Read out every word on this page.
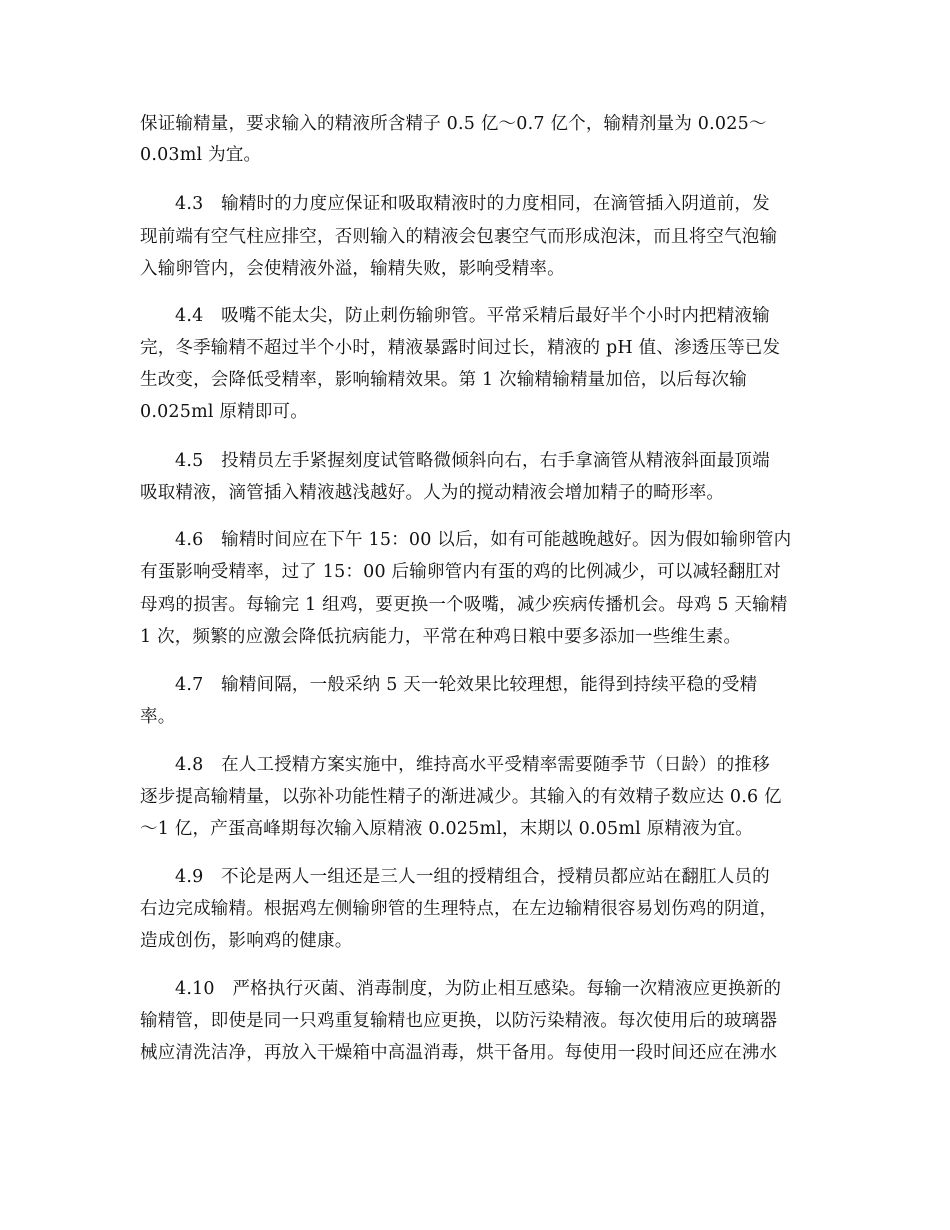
保证输精量，要求输入的精液所含精子 0.5 亿～0.7 亿个，输精剂量为 0.025～
0.03ml 为宜。
4.3　输精时的力度应保证和吸取精液时的力度相同，在滴管插入阴道前，发
现前端有空气柱应排空，否则输入的精液会包裹空气而形成泡沫，而且将空气泡输
入输卵管内，会使精液外溢，输精失败，影响受精率。
4.4　吸嘴不能太尖，防止刺伤输卵管。平常采精后最好半个小时内把精液输
完，冬季输精不超过半个小时，精液暴露时间过长，精液的 pH 值、渗透压等已发
生改变，会降低受精率，影响输精效果。第 1 次输精输精量加倍，以后每次输
0.025ml 原精即可。
4.5　投精员左手紧握刻度试管略微倾斜向右，右手拿滴管从精液斜面最顶端
吸取精液，滴管插入精液越浅越好。人为的搅动精液会增加精子的畸形率。
4.6　输精时间应在下午 15：00 以后，如有可能越晚越好。因为假如输卵管内
有蛋影响受精率，过了 15：00 后输卵管内有蛋的鸡的比例减少，可以减轻翻肛对
母鸡的损害。每输完 1 组鸡，要更换一个吸嘴，减少疾病传播机会。母鸡 5 天输精
1 次，频繁的应激会降低抗病能力，平常在种鸡日粮中要多添加一些维生素。
4.7　输精间隔，一般采纳 5 天一轮效果比较理想，能得到持续平稳的受精
率。
4.8　在人工授精方案实施中，维持高水平受精率需要随季节（日龄）的推移
逐步提高输精量，以弥补功能性精子的渐进减少。其输入的有效精子数应达 0.6 亿
～1 亿，产蛋高峰期每次输入原精液 0.025ml，末期以 0.05ml 原精液为宜。
4.9　不论是两人一组还是三人一组的授精组合，授精员都应站在翻肛人员的
右边完成输精。根据鸡左侧输卵管的生理特点，在左边输精很容易划伤鸡的阴道，
造成创伤，影响鸡的健康。
4.10　严格执行灭菌、消毒制度，为防止相互感染。每输一次精液应更换新的
输精管，即使是同一只鸡重复输精也应更换，以防污染精液。每次使用后的玻璃器
械应清洗洁净，再放入干燥箱中高温消毒，烘干备用。每使用一段时间还应在沸水
